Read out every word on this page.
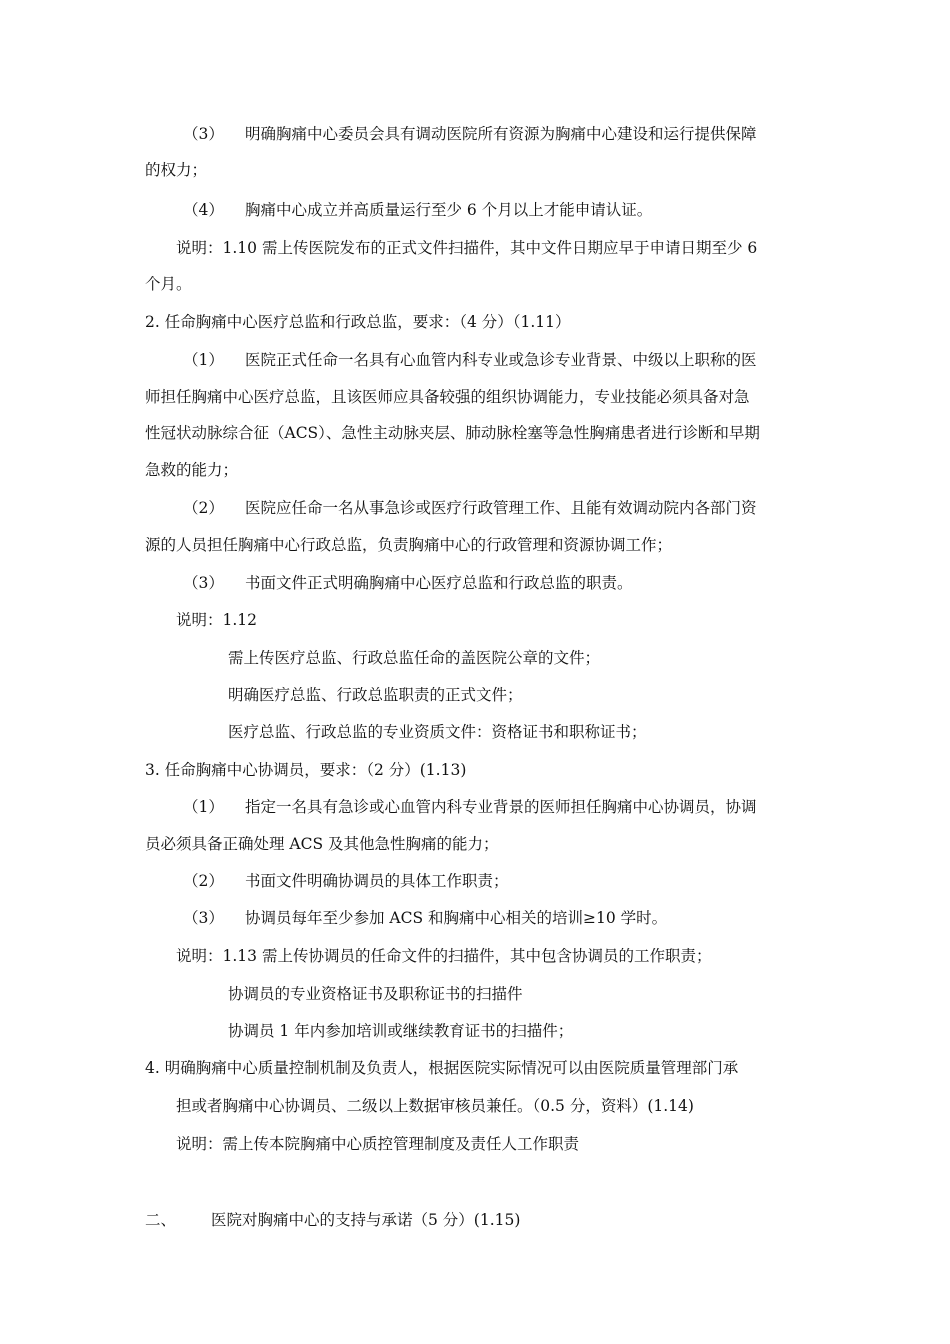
（3） 明确胸痛中心委员会具有调动医院所有资源为胸痛中心建设和运行提供保障
的权力；
（4） 胸痛中心成立并高质量运行至少 6 个月以上才能申请认证。
说明：1.10 需上传医院发布的正式文件扫描件，其中文件日期应早于申请日期至少 6
个月。
2. 任命胸痛中心医疗总监和行政总监，要求：（4 分）（1.11）
（1） 医院正式任命一名具有心血管内科专业或急诊专业背景、中级以上职称的医
师担任胸痛中心医疗总监，且该医师应具备较强的组织协调能力，专业技能必须具备对急
性冠状动脉综合征（ACS）、急性主动脉夹层、肺动脉栓塞等急性胸痛患者进行诊断和早期
急救的能力；
（2） 医院应任命一名从事急诊或医疗行政管理工作、且能有效调动院内各部门资
源的人员担任胸痛中心行政总监，负责胸痛中心的行政管理和资源协调工作；
（3） 书面文件正式明确胸痛中心医疗总监和行政总监的职责。
说明：1.12
需上传医疗总监、行政总监任命的盖医院公章的文件；
明确医疗总监、行政总监职责的正式文件；
医疗总监、行政总监的专业资质文件：资格证书和职称证书；
3. 任命胸痛中心协调员，要求：（2 分）(1.13)
（1） 指定一名具有急诊或心血管内科专业背景的医师担任胸痛中心协调员，协调
员必须具备正确处理 ACS 及其他急性胸痛的能力；
（2） 书面文件明确协调员的具体工作职责；
（3） 协调员每年至少参加 ACS 和胸痛中心相关的培训≥10 学时。
说明：1.13 需上传协调员的任命文件的扫描件，其中包含协调员的工作职责；
协调员的专业资格证书及职称证书的扫描件
协调员 1 年内参加培训或继续教育证书的扫描件；
4. 明确胸痛中心质量控制机制及负责人，根据医院实际情况可以由医院质量管理部门承
担或者胸痛中心协调员、二级以上数据审核员兼任。（0.5 分，资料）(1.14)
说明：需上传本院胸痛中心质控管理制度及责任人工作职责
二、 医院对胸痛中心的支持与承诺（5 分）(1.15)
